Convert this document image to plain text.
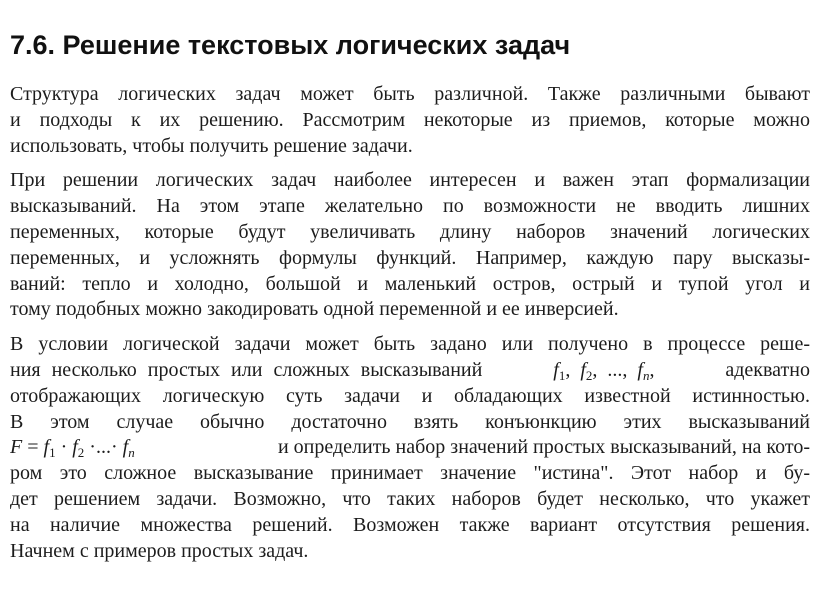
7.6. Решение текстовых логических задач
Структура логических задач может быть различной. Также различными бывают
и подходы к их решению. Рассмотрим некоторые из приемов, которые можно
использовать, чтобы получить решение задачи.
При решении логических задач наиболее интересен и важен этап формализации
высказываний. На этом этапе желательно по возможности не вводить лишних
переменных, которые будут увеличивать длину наборов значений логических
переменных, и усложнять формулы функций. Например, каждую пару высказы-
ваний: тепло и холодно, большой и маленький остров, острый и тупой угол и
тому подобных можно закодировать одной переменной и ее инверсией.
В условии логической задачи может быть задано или получено в процессе реше-
ния несколько простых или сложных высказываний	$f_1$, $f_2$, ..., $f_n$,	адекватно
отображающих логическую суть задачи и обладающих известной истинностью.
В этом случае обычно достаточно взять конъюнкцию этих высказываний
$F = f_1 \cdot f_2$ ·...· $f_n$	и определить набор значений простых высказываний, на кото-
ром это сложное высказывание принимает значение "истина". Этот набор и бу-
дет решением задачи. Возможно, что таких наборов будет несколько, что укажет
на наличие множества решений. Возможен также вариант отсутствия решения.
Начнем с примеров простых задач.
